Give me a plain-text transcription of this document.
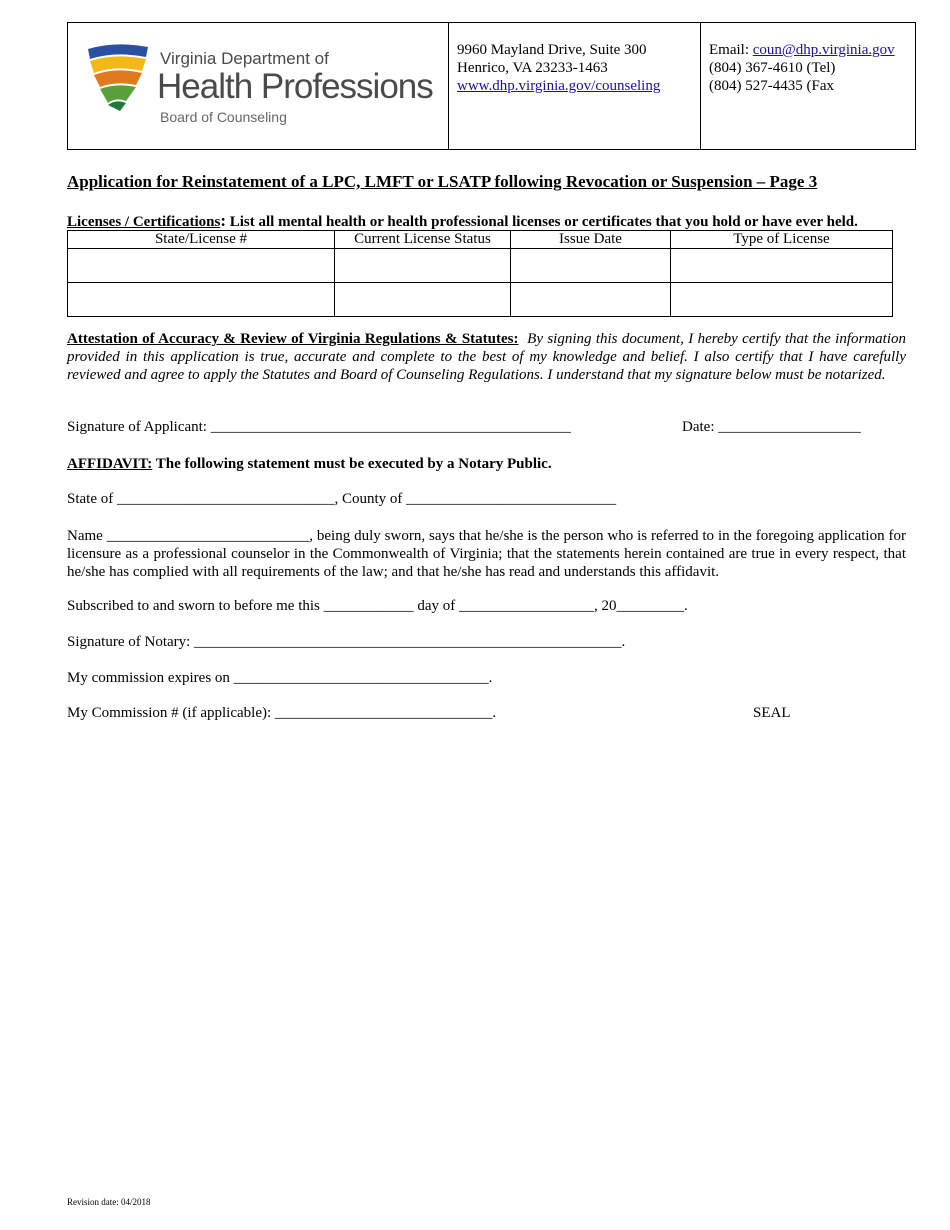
Virginia Department of
Health Professions
Board of Counseling
9960 Mayland Drive, Suite 300
Henrico, VA 23233-1463
www.dhp.virginia.gov/counseling
Email: coun@dhp.virginia.gov
(804) 367-4610 (Tel)
(804) 527-4435 (Fax
Application for Reinstatement of a LPC, LMFT or LSATP following Revocation or Suspension – Page 3
Licenses / Certifications: List all mental health or health professional licenses or certificates that you hold or have ever held.
State/License #	Current License Status	Issue Date	Type of License

Attestation of Accuracy & Review of Virginia Regulations & Statutes: By signing this document, I hereby certify that the information provided in this application is true, accurate and complete to the best of my knowledge and belief. I also certify that I have carefully reviewed and agree to apply the Statutes and Board of Counseling Regulations. I understand that my signature below must be notarized.
Signature of Applicant: ________________________________________________	Date: ___________________
AFFIDAVIT: The following statement must be executed by a Notary Public.
State of _____________________________, County of ____________________________
Name ___________________________, being duly sworn, says that he/she is the person who is referred to in the foregoing application for licensure as a professional counselor in the Commonwealth of Virginia; that the statements herein contained are true in every respect, that he/she has complied with all requirements of the law; and that he/she has read and understands this affidavit.
Subscribed to and sworn to before me this ____________ day of __________________, 20_________.
Signature of Notary: _________________________________________________________.
My commission expires on __________________________________.
My Commission # (if applicable): _____________________________.	SEAL
Revision date: 04/2018
